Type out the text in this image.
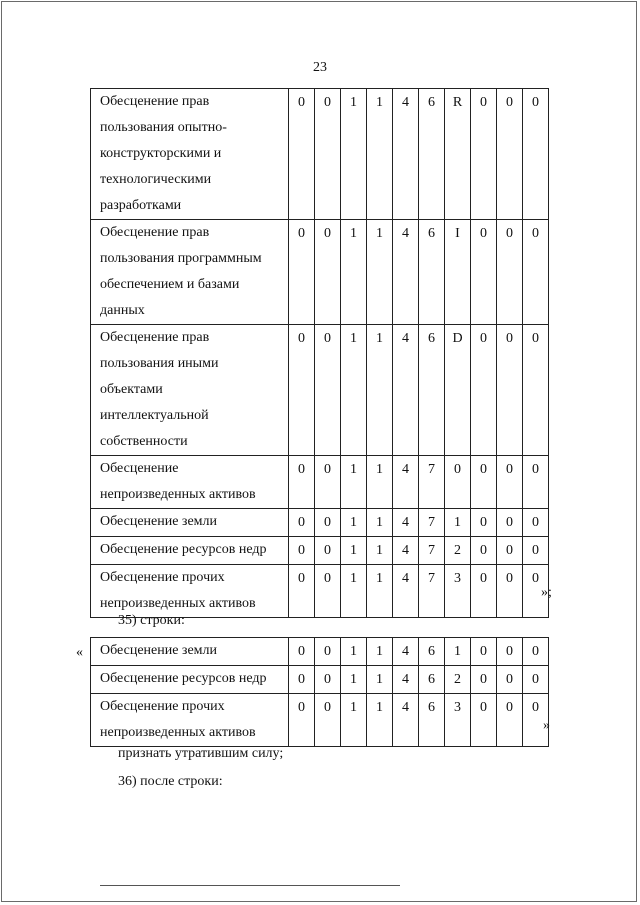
23
Обесценение прав
пользования опытно-
конструкторскими и
технологическими
разработками	0	0	1	1	4	6	R	0	0	0

Обесценение прав
пользования программным
обеспечением и базами
данных	0	0	1	1	4	6	I	0	0	0

Обесценение прав
пользования иными
объектами
интеллектуальной
собственности	0	0	1	1	4	6	D	0	0	0

Обесценение
непроизведенных активов	0	0	1	1	4	7	0	0	0	0

Обесценение земли	0	0	1	1	4	7	1	0	0	0

Обесценение ресурсов недр	0	0	1	1	4	7	2	0	0	0

Обесценение прочих
непроизведенных активов	0	0	1	1	4	7	3	0	0	0
»;
35) строки:
« Обесценение земли	0	0	1	1	4	6	1	0	0	0

Обесценение ресурсов недр	0	0	1	1	4	6	2	0	0	0

Обесценение прочих
непроизведенных активов	0	0	1	1	4	6	3	0	0	0
»
признать утратившим силу;
36) после строки:
